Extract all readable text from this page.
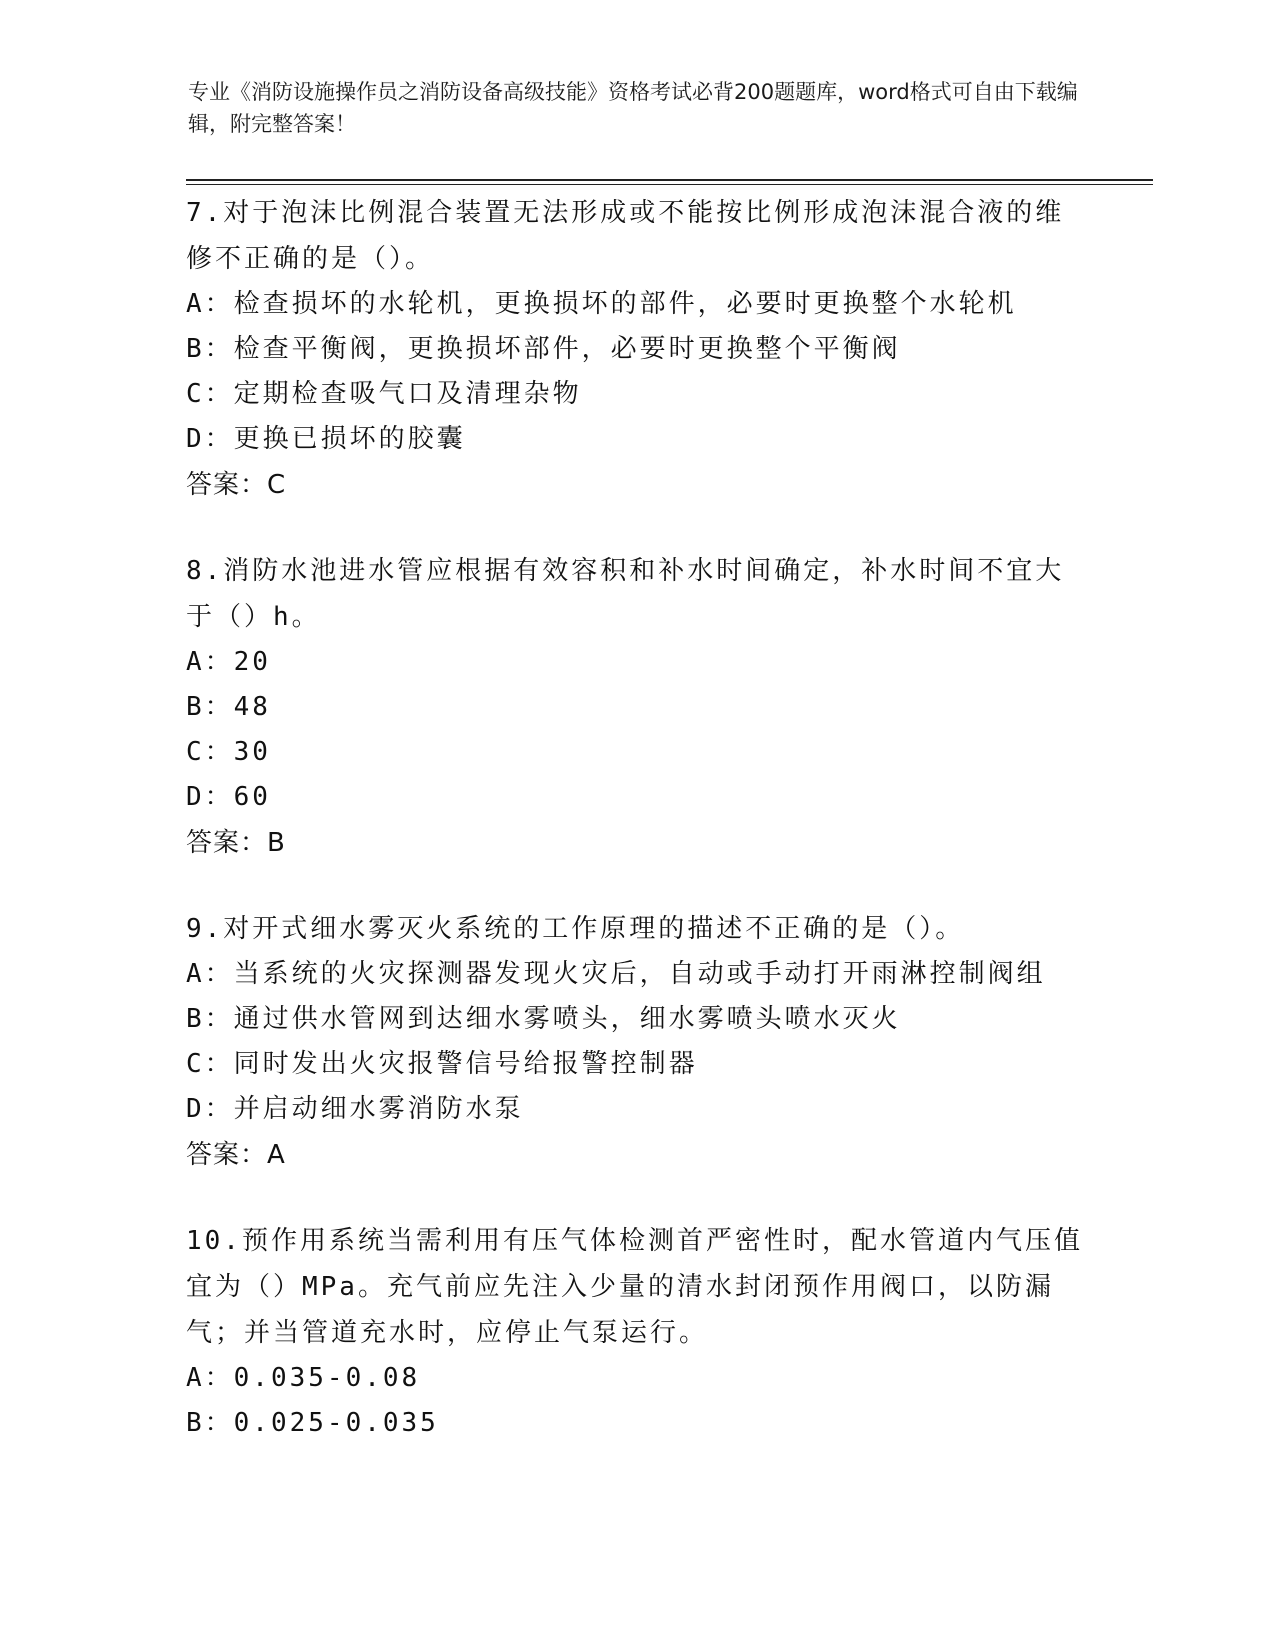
专业《消防设施操作员之消防设备高级技能》资格考试必背200题题库，word格式可自由下载编辑，附完整答案！

7.对于泡沫比例混合装置无法形成或不能按比例形成泡沫混合液的维修不正确的是（）。

A：检查损坏的水轮机，更换损坏的部件，必要时更换整个水轮机

B：检查平衡阀，更换损坏部件，必要时更换整个平衡阀

C：定期检查吸气口及清理杂物

D：更换已损坏的胶囊

答案：C

8.消防水池进水管应根据有效容积和补水时间确定，补水时间不宜大于（）h。

A：20

B：48

C：30

D：60

答案：B

9.对开式细水雾灭火系统的工作原理的描述不正确的是（）。

A：当系统的火灾探测器发现火灾后，自动或手动打开雨淋控制阀组

B：通过供水管网到达细水雾喷头，细水雾喷头喷水灭火

C：同时发出火灾报警信号给报警控制器

D：并启动细水雾消防水泵

答案：A

10.预作用系统当需利用有压气体检测首严密性时，配水管道内气压值宜为（）MPa。充气前应先注入少量的清水封闭预作用阀口，以防漏气；并当管道充水时，应停止气泵运行。

A：0.035-0.08

B：0.025-0.035
